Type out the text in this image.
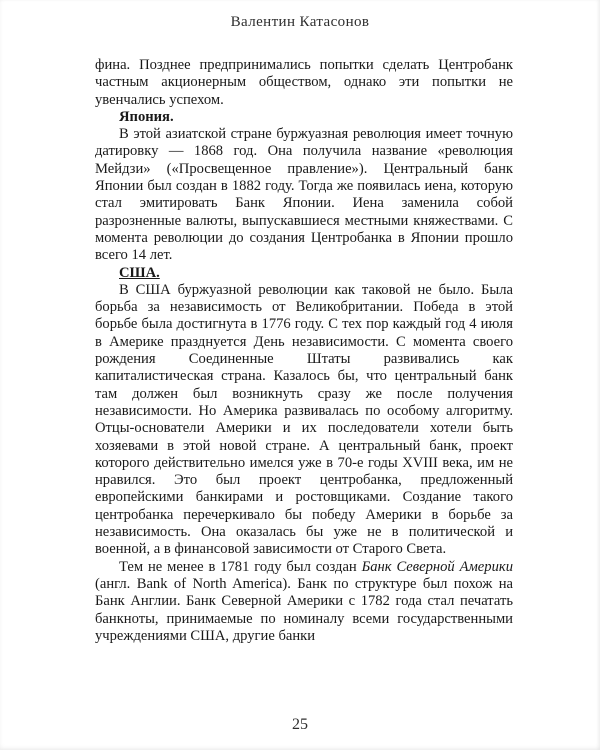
Валентин Катасонов

фина. Позднее предпринимались попытки сделать Центробанк частным акционерным обществом, однако эти попытки не увенчались успехом.

Япония.

В этой азиатской стране буржуазная революция имеет точную датировку — 1868 год. Она получила название «революция Мейдзи» («Просвещенное правление»). Центральный банк Японии был создан в 1882 году. Тогда же появилась иена, которую стал эмитировать Банк Японии. Иена заменила собой разрозненные валюты, выпускавшиеся местными княжествами. С момента революции до создания Центробанка в Японии прошло всего 14 лет.

США.

В США буржуазной революции как таковой не было. Была борьба за независимость от Великобритании. Победа в этой борьбе была достигнута в 1776 году. С тех пор каждый год 4 июля в Америке празднуется День независимости. С момента своего рождения Соединенные Штаты развивались как капиталистическая страна. Казалось бы, что центральный банк там должен был возникнуть сразу же после получения независимости. Но Америка развивалась по особому алгоритму. Отцы-основатели Америки и их последователи хотели быть хозяевами в этой новой стране. А центральный банк, проект которого действительно имелся уже в 70-е годы XVIII века, им не нравился. Это был проект центробанка, предложенный европейскими банкирами и ростовщиками. Создание такого центробанка перечеркивало бы победу Америки в борьбе за независимость. Она оказалась бы уже не в политической и военной, а в финансовой зависимости от Старого Света.

Тем не менее в 1781 году был создан Банк Северной Америки (англ. Bank of North America). Банк по структуре был похож на Банк Англии. Банк Северной Америки с 1782 года стал печатать банкноты, принимаемые по номиналу всеми государственными учреждениями США, другие банки

25
